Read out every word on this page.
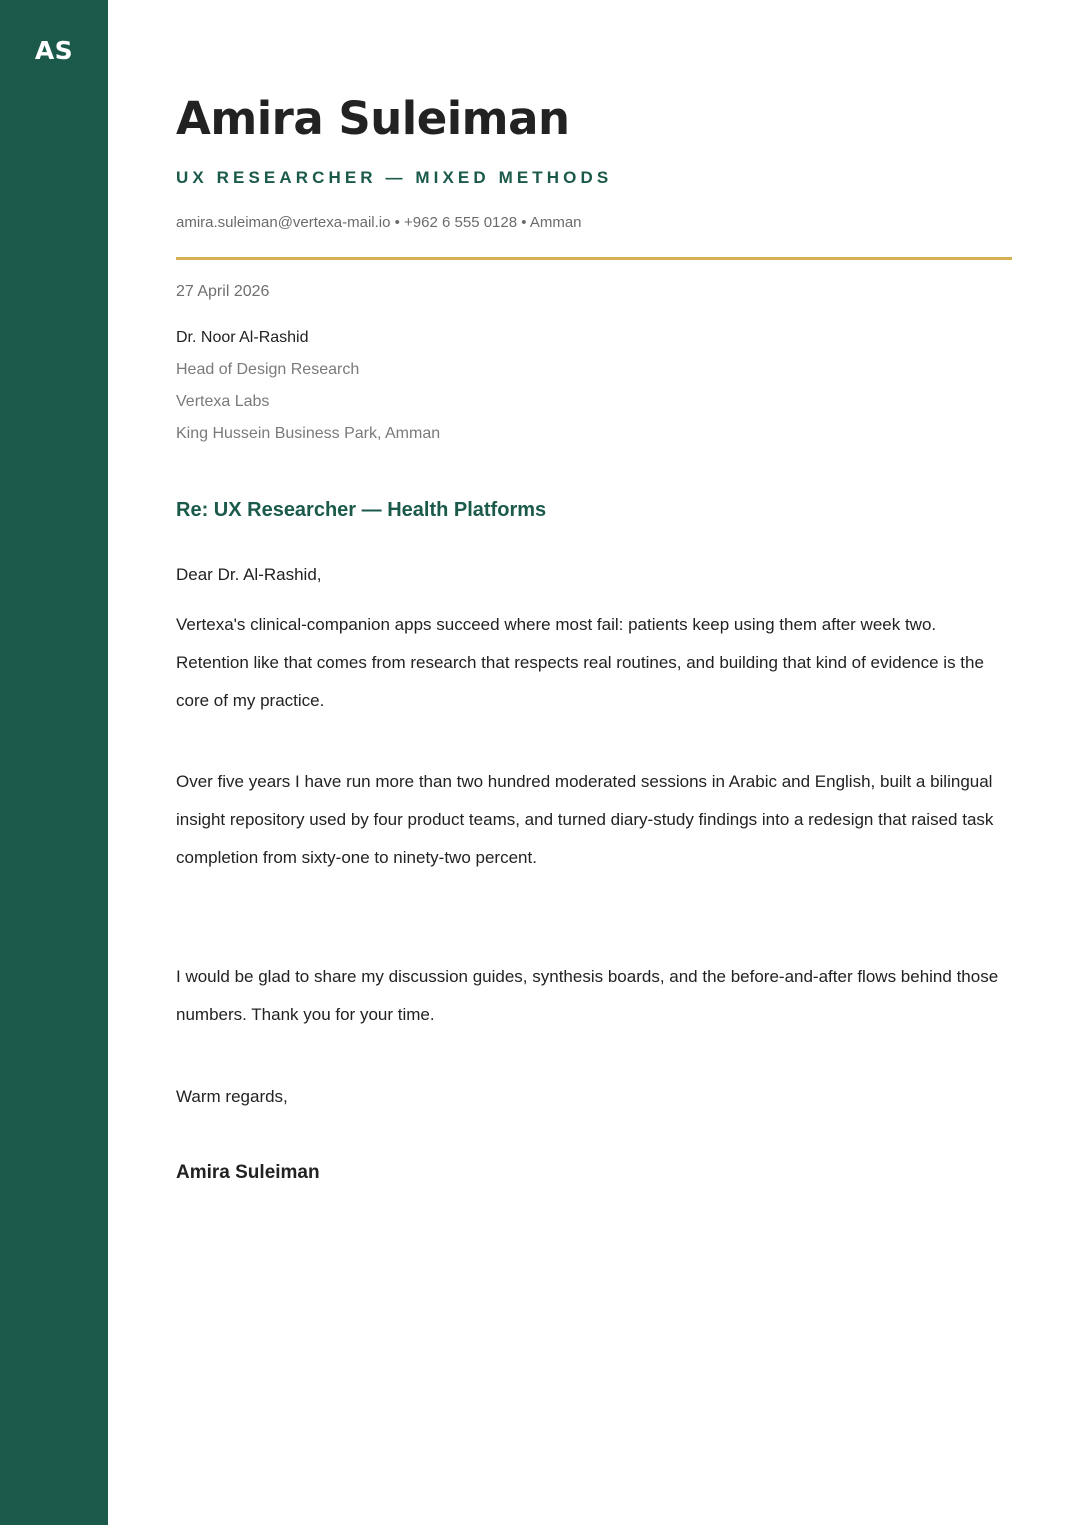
AS
Amira Suleiman
UX RESEARCHER — MIXED METHODS
amira.suleiman@vertexa-mail.io • +962 6 555 0128 • Amman
27 April 2026
Dr. Noor Al-Rashid
Head of Design Research
Vertexa Labs
King Hussein Business Park, Amman
Re: UX Researcher — Health Platforms
Dear Dr. Al-Rashid,

Vertexa's clinical-companion apps succeed where most fail: patients keep using them after week two. Retention like that comes from research that respects real routines, and building that kind of evidence is the core of my practice.

Over five years I have run more than two hundred moderated sessions in Arabic and English, built a bilingual insight repository used by four product teams, and turned diary-study findings into a redesign that raised task completion from sixty-one to ninety-two percent.

I would be glad to share my discussion guides, synthesis boards, and the before-and-after flows behind those numbers. Thank you for your time.

Warm regards,
Amira Suleiman
